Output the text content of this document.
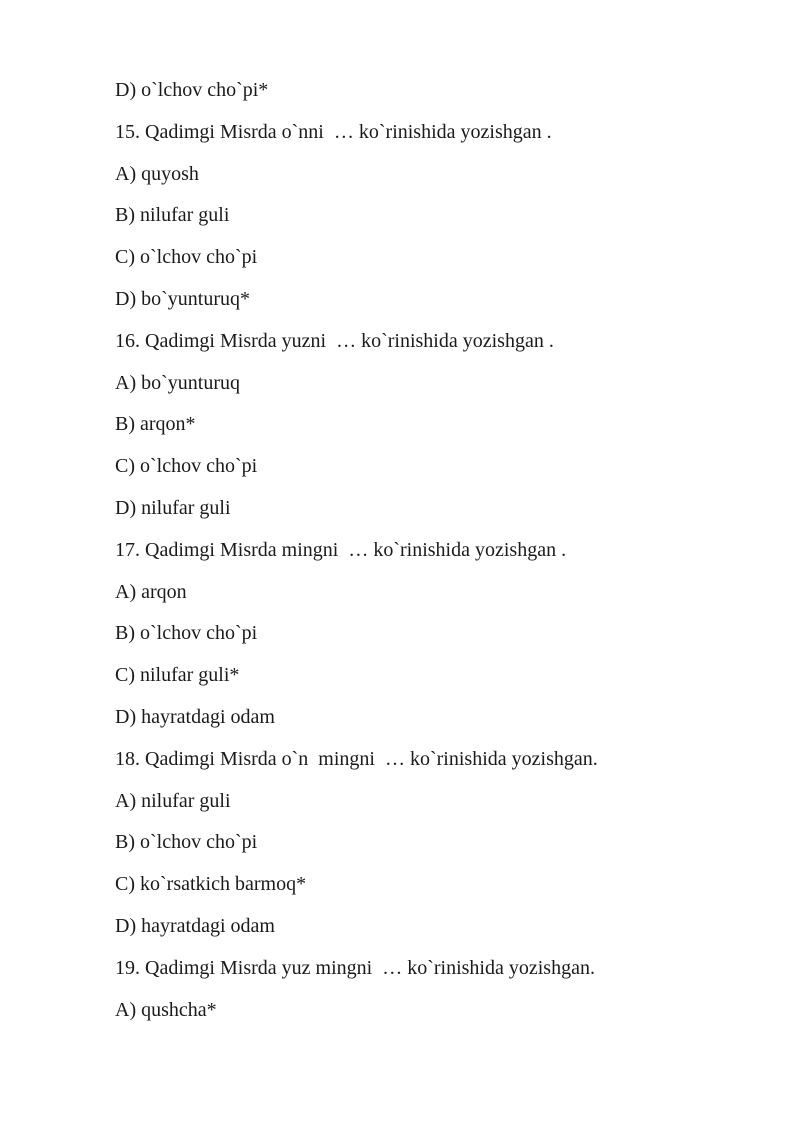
D) o`lchov cho`pi*
15. Qadimgi Misrda o`nni  … ko`rinishida yozishgan .
A) quyosh
B) nilufar guli
C) o`lchov cho`pi
D) bo`yunturuq*
16. Qadimgi Misrda yuzni  … ko`rinishida yozishgan .
A) bo`yunturuq
B) arqon*
C) o`lchov cho`pi
D) nilufar guli
17. Qadimgi Misrda mingni  … ko`rinishida yozishgan .
A) arqon
B) o`lchov cho`pi
C) nilufar guli*
D) hayratdagi odam
18. Qadimgi Misrda o`n  mingni  … ko`rinishida yozishgan.
A) nilufar guli
B) o`lchov cho`pi
C) ko`rsatkich barmoq*
D) hayratdagi odam
19. Qadimgi Misrda yuz mingni  … ko`rinishida yozishgan.
A) qushcha*
